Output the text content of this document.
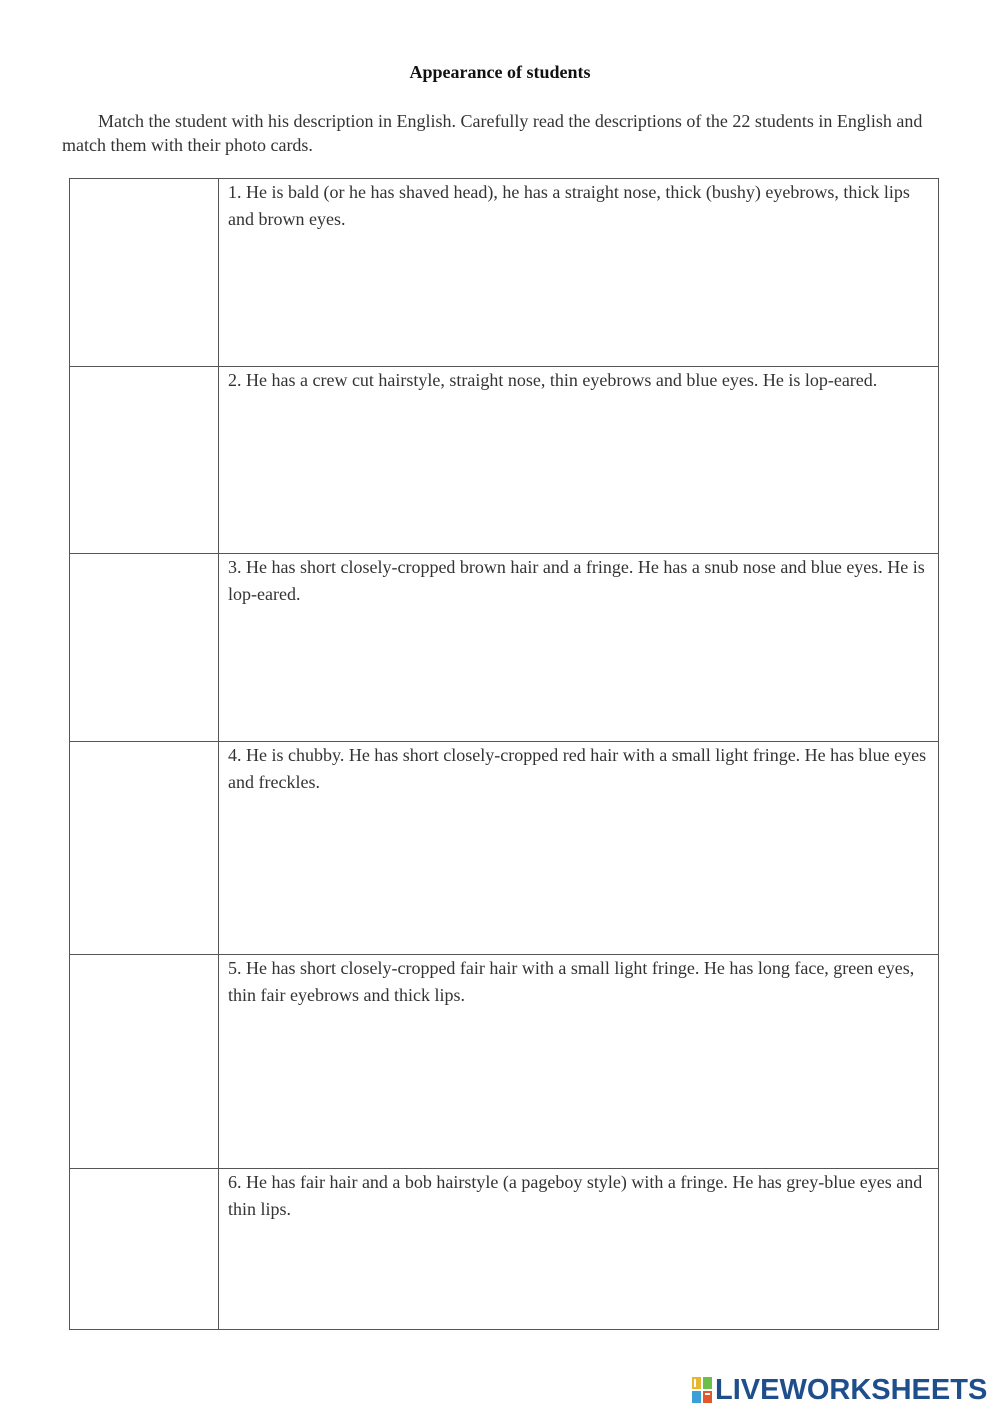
Appearance of students
Match the student with his description in English. Carefully read the descriptions of the 22 students in English and match them with their photo cards.

	1. He is bald (or he has shaved head), he has a straight nose, thick (bushy) eyebrows, thick lips and brown eyes.

	2. He has a crew cut hairstyle, straight nose, thin eyebrows and blue eyes. He is lop-eared.

	3. He has short closely-cropped brown hair and a fringe. He has a snub nose and blue eyes. He is lop-eared.

	4. He is chubby. He has short closely-cropped red hair with a small light fringe. He has blue eyes and freckles.

	5. He has short closely-cropped fair hair with a small light fringe. He has long face, green eyes, thin fair eyebrows and thick lips.

	6. He has fair hair and a bob hairstyle (a pageboy style) with a fringe. He has grey-blue eyes and thin lips.
LIVEWORKSHEETS
